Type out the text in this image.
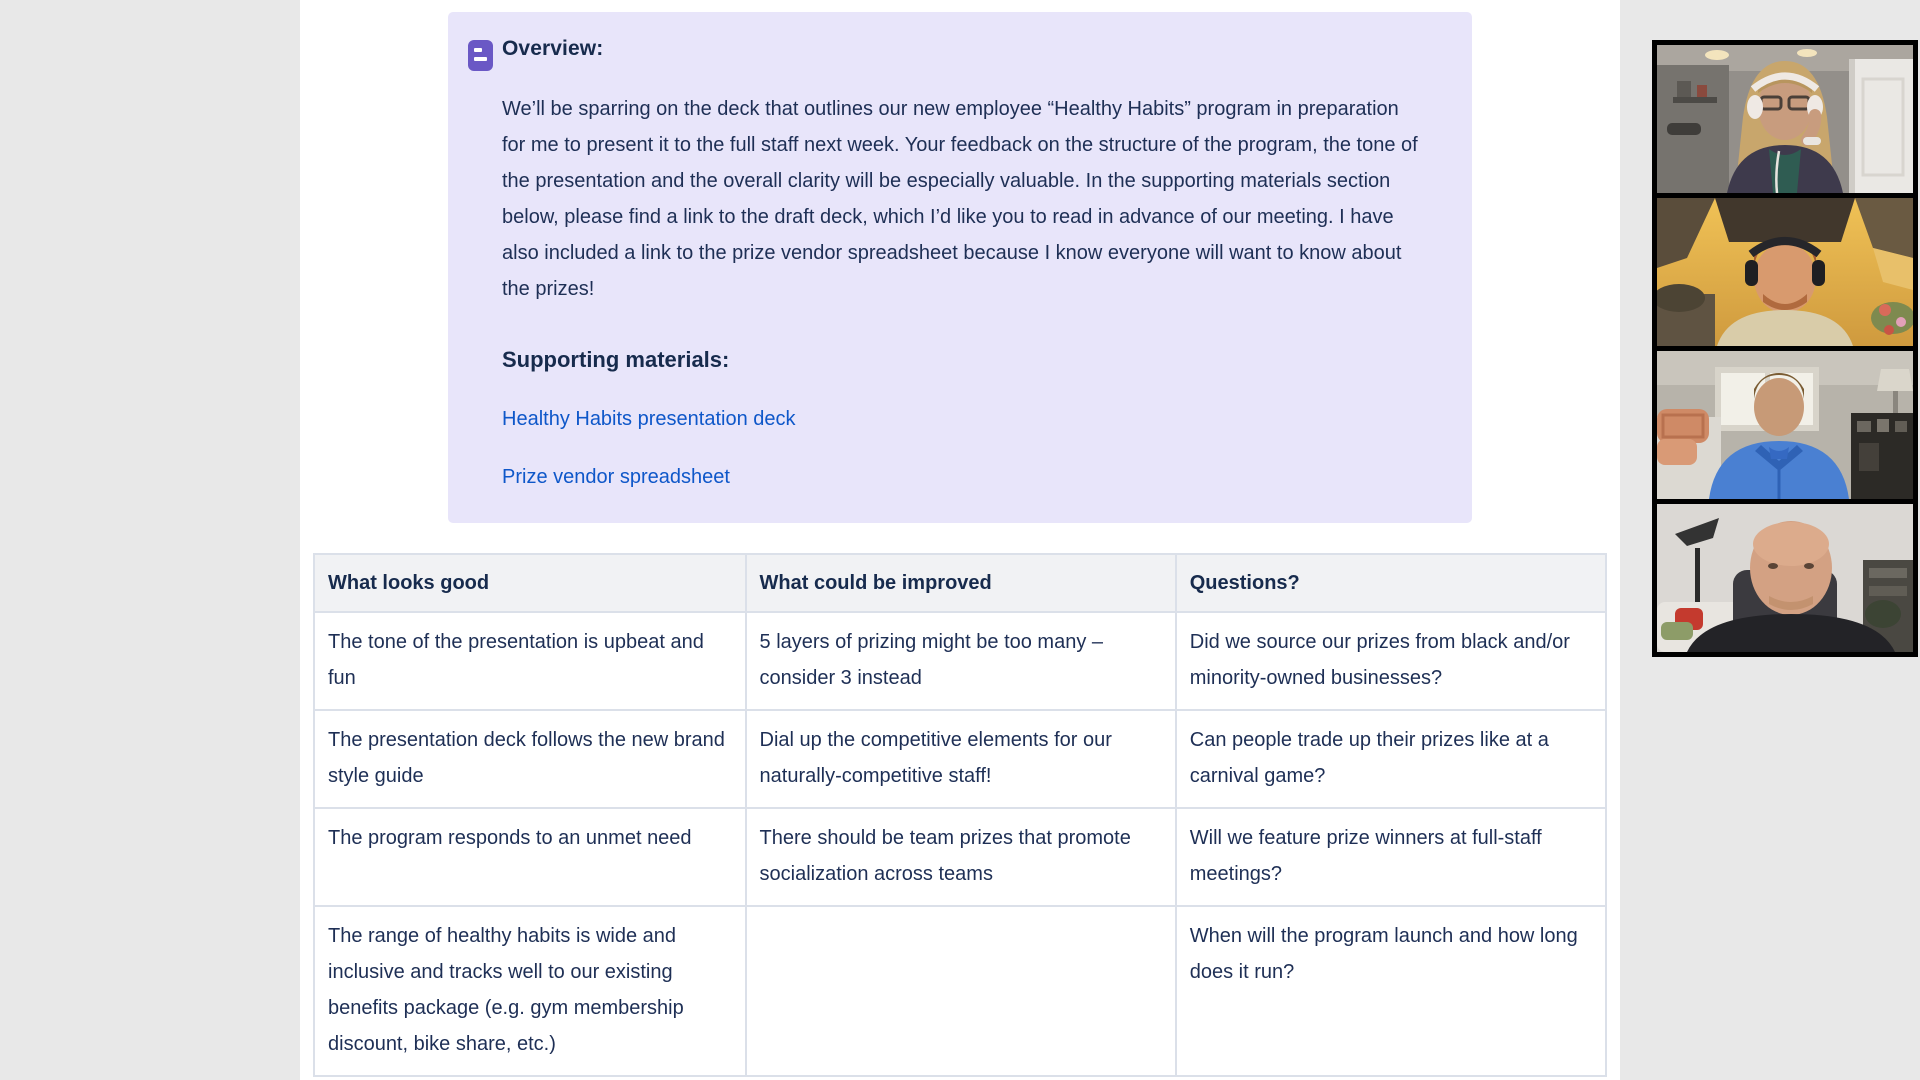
Overview:

We’ll be sparring on the deck that outlines our new employee “Healthy Habits” program in preparation for me to present it to the full staff next week. Your feedback on the structure of the program, the tone of the presentation and the overall clarity will be especially valuable. In the supporting materials section below, please find a link to the draft deck, which I’d like you to read in advance of our meeting. I have also included a link to the prize vendor spreadsheet because I know everyone will want to know about the prizes!

Supporting materials:
Healthy Habits presentation deck
Prize vendor spreadsheet
What looks good	What could be improved	Questions?
The tone of the presentation is upbeat and fun	5 layers of prizing might be too many – consider 3 instead	Did we source our prizes from black and/or minority-owned businesses?
The presentation deck follows the new brand style guide	Dial up the competitive elements for our naturally-competitive staff!	Can people trade up their prizes like at a carnival game?
The program responds to an unmet need	There should be team prizes that promote socialization across teams	Will we feature prize winners at full-staff meetings?
The range of healthy habits is wide and inclusive and tracks well to our existing benefits package (e.g. gym membership discount, bike share, etc.)		When will the program launch and how long does it run?
